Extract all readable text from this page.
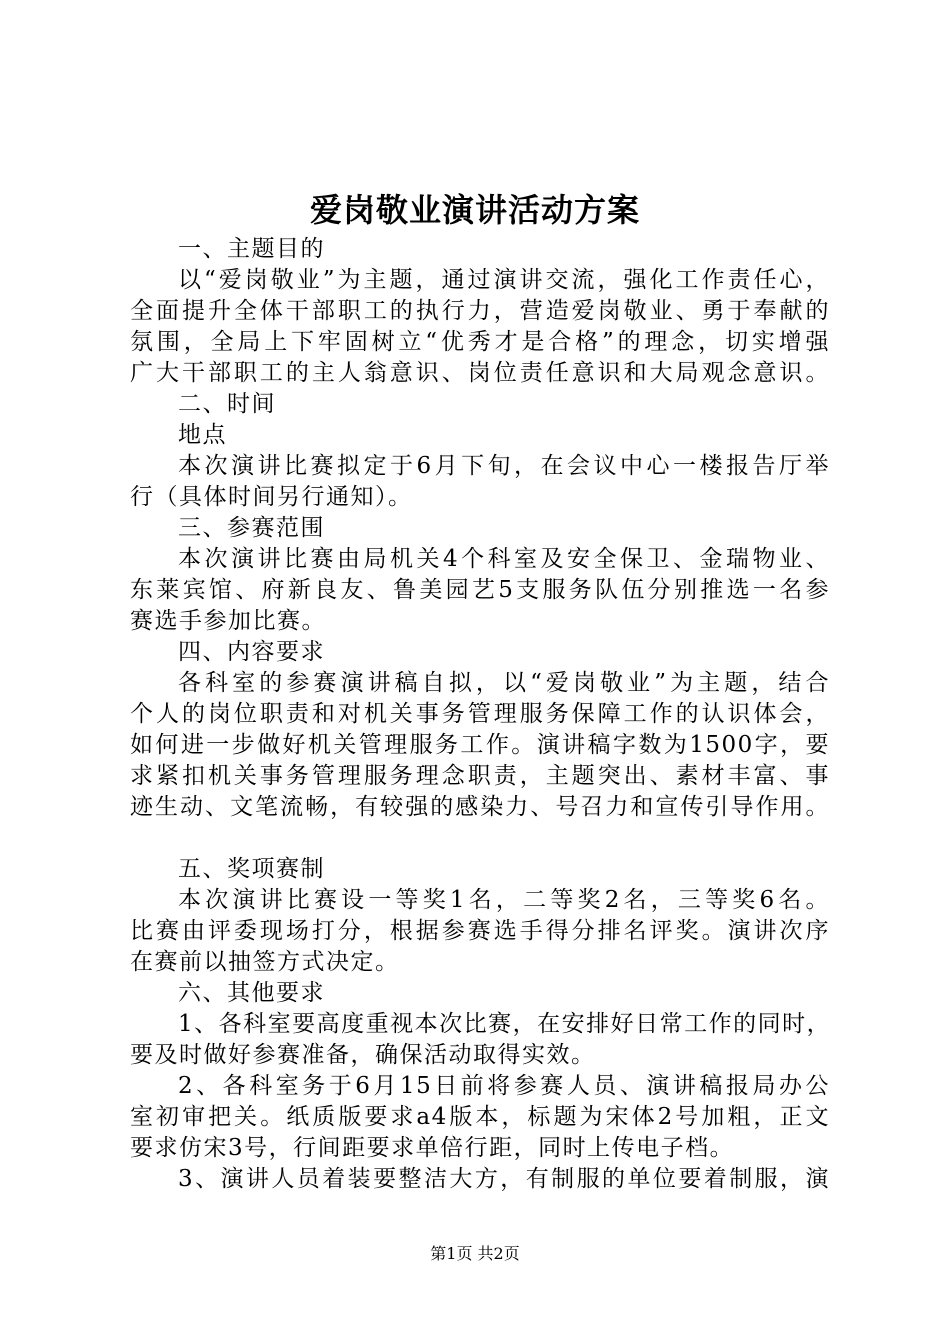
爱岗敬业演讲活动方案
一、主题目的
以“爱岗敬业”为主题，通过演讲交流，强化工作责任心，
全面提升全体干部职工的执行力，营造爱岗敬业、勇于奉献的
氛围，全局上下牢固树立“优秀才是合格”的理念，切实增强
广大干部职工的主人翁意识、岗位责任意识和大局观念意识。
二、时间
地点
本次演讲比赛拟定于6月下旬，在会议中心一楼报告厅举
行（具体时间另行通知）。
三、参赛范围
本次演讲比赛由局机关4个科室及安全保卫、金瑞物业、
东莱宾馆、府新良友、鲁美园艺5支服务队伍分别推选一名参
赛选手参加比赛。
四、内容要求
各科室的参赛演讲稿自拟，以“爱岗敬业”为主题，结合
个人的岗位职责和对机关事务管理服务保障工作的认识体会，
如何进一步做好机关管理服务工作。演讲稿字数为1500字，要
求紧扣机关事务管理服务理念职责，主题突出、素材丰富、事
迹生动、文笔流畅，有较强的感染力、号召力和宣传引导作用。
五、奖项赛制
本次演讲比赛设一等奖1名，二等奖2名，三等奖6名。
比赛由评委现场打分，根据参赛选手得分排名评奖。演讲次序
在赛前以抽签方式决定。
六、其他要求
1、各科室要高度重视本次比赛，在安排好日常工作的同时，
要及时做好参赛准备，确保活动取得实效。
2、各科室务于6月15日前将参赛人员、演讲稿报局办公
室初审把关。纸质版要求a4版本，标题为宋体2号加粗，正文
要求仿宋3号，行间距要求单倍行距，同时上传电子档。
3、演讲人员着装要整洁大方，有制服的单位要着制服，演
第1页 共2页
